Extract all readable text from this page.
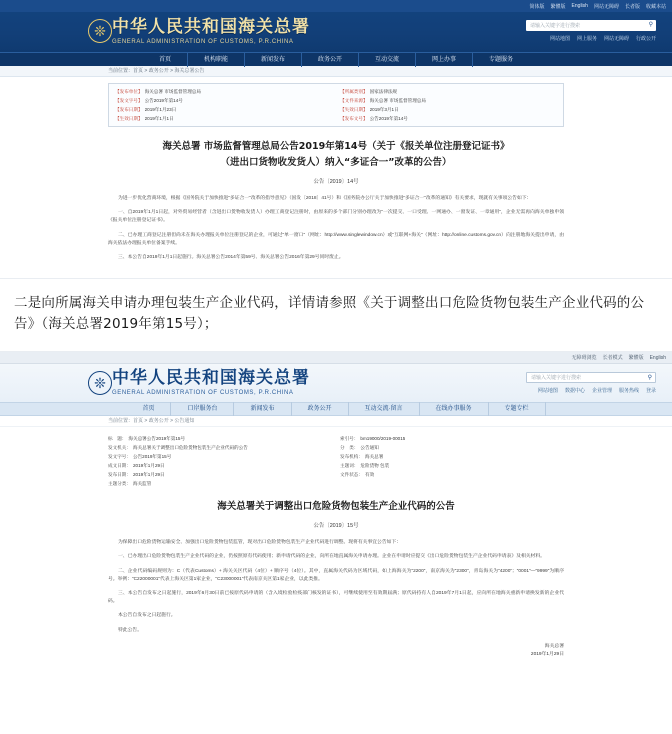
简体版 繁體版 English 网站无障碍 长者版 收藏本站
❊ 中华人民共和国海关总署
GENERAL ADMINISTRATION OF CUSTOMS, P.R.CHINA
请输入关键字进行搜索	⚲
网站地图 网上服务 网站无障碍 行政公开
首页	机构职能	新闻发布	政务公开	互动交流	网上办事	专题服务
当前位置：首页 > 政务公开 > 海关总署公告
【发布单位】 海关总署 市场监督管理总局	【所属类别】 国家法律法规
【发文字号】 公告2019年第14号	【文件来源】 海关总署 市场监督管理总局
【发布日期】 2019年1月23日	【失效日期】 2019年3月1日
【生效日期】 2019年1月1日	【发布文号】 公告2019年第14号
海关总署 市场监督管理总局公告2019年第14号（关于《报关单位注册登记证书》
（进出口货物收发货人）纳入“多证合一”改革的公告）
公告〔2019〕14号

为进一步优化营商环境，根据《国务院关于加快推进“多证合一”改革的指导意见》（国发〔2018〕41号）和《国务院办公厅关于加快推进“多证合一”改革的通知》有关要求，现就有关事项公告如下：

一、自2019年1月1日起，对外贸易经营者（含进出口货物收发货人）办理工商登记注册时，由原来的多个部门分别办理改为“一次提交、一口受理、一网通办、一窗发证、一章通用”，企业无需再向海关单独申领《报关单位注册登记证书》。

二、已办理工商登记注册但尚未在海关办理报关单位注册登记的企业，可通过“单一窗口”（网址：http://www.singlewindow.cn）或“互联网+海关”（网址：http://online.customs.gov.cn）向注册地海关提出申请，由海关依法办理报关单位备案手续。

三、本公告自2019年1月1日起施行。海关总署公告2014年第59号、海关总署公告2016年第29号同时废止。

二是向所属海关申请办理包装生产企业代码，详情请参照《关于调整出口危险货物包装生产企业代码的公告》（海关总署2019年第15号）；

无障碍浏览 长者模式 繁體版 English
❊ 中华人民共和国海关总署
GENERAL ADMINISTRATION OF CUSTOMS, P.R.CHINA
请输入关键字进行搜索	⚲
网站地图 数据中心 企业管理 服务热线 登录
首页	口岸服务台	新闻发布	政务公开	互动交流·留言	在线办事服务	专题专栏
当前位置：首页 > 政务公开 > 公告通知
标　题： 海关总署公告2019年第15号	索引号： bm19000/2019-00015
发文机关： 海关总署关于调整出口危险货物包装生产企业代码的公告	分　类： 公告通知
发文字号： 公告2019年第15号	发布机构： 海关总署
成文日期： 2019年1月29日	主题词： 危险货物 包装
发布日期： 2019年1月29日	文件状态： 有效
主题分类： 海关监管
海关总署关于调整出口危险货物包装生产企业代码的公告
公告〔2019〕15号

为保障出口危险货物运输安全、加强出口危险货物包装监管，现对出口危险货物包装生产企业代码进行调整。现将有关事宜公告如下：

一、已办理出口危险货物包装生产企业代码的企业，仍按照原有代码使用；新申请代码的企业，向所在地直属海关申请办理。企业在申请时应提交《出口危险货物包装生产企业代码申请表》及相关材料。

二、企业代码编码规则为：C（代表Customs）+ 海关关区代码（4位）+ 顺序号（4位）。其中，直属海关代码为区域代码，如上海海关为“2200”，南京海关为“2300”，青岛海关为“4200”；“0001”—“9999”为顺序号。举例：“C22000001”代表上海关区第1家企业，“C23000001”代表南京关区第1家企业，以此类推。

三、本公告自发布之日起施行，2019年6月30日前已按原代码申请的（含入境检验检疫部门核发的证书），可继续使用至有效期届满；原代码持有人自2019年7月1日起，应向所在地海关重新申请换发新的企业代码。

本公告自发布之日起施行。

特此公告。

海关总署
2019年1月29日
